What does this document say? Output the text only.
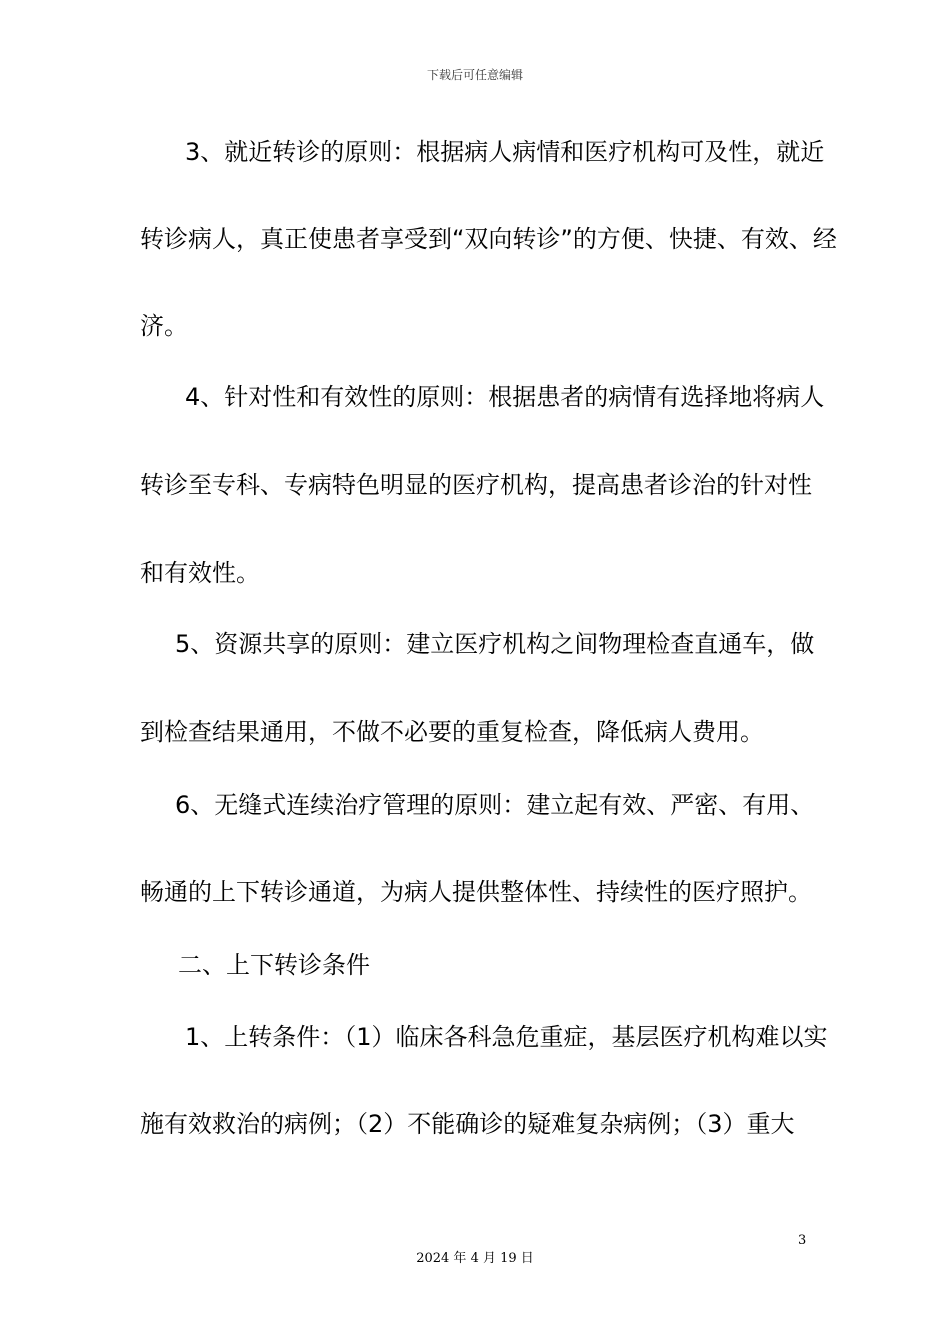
下载后可任意编辑
3、就近转诊的原则：根据病人病情和医疗机构可及性，就近
转诊病人，真正使患者享受到“双向转诊”的方便、快捷、有效、经
济。
4、针对性和有效性的原则：根据患者的病情有选择地将病人
转诊至专科、专病特色明显的医疗机构，提高患者诊治的针对性
和有效性。
5、资源共享的原则：建立医疗机构之间物理检查直通车，做
到检查结果通用，不做不必要的重复检查，降低病人费用。
6、无缝式连续治疗管理的原则：建立起有效、严密、有用、
畅通的上下转诊通道，为病人提供整体性、持续性的医疗照护。
二、上下转诊条件
1、上转条件：（1）临床各科急危重症，基层医疗机构难以实
施有效救治的病例；（2）不能确诊的疑难复杂病例；（3）重大
3
2024 年 4 月 19 日
